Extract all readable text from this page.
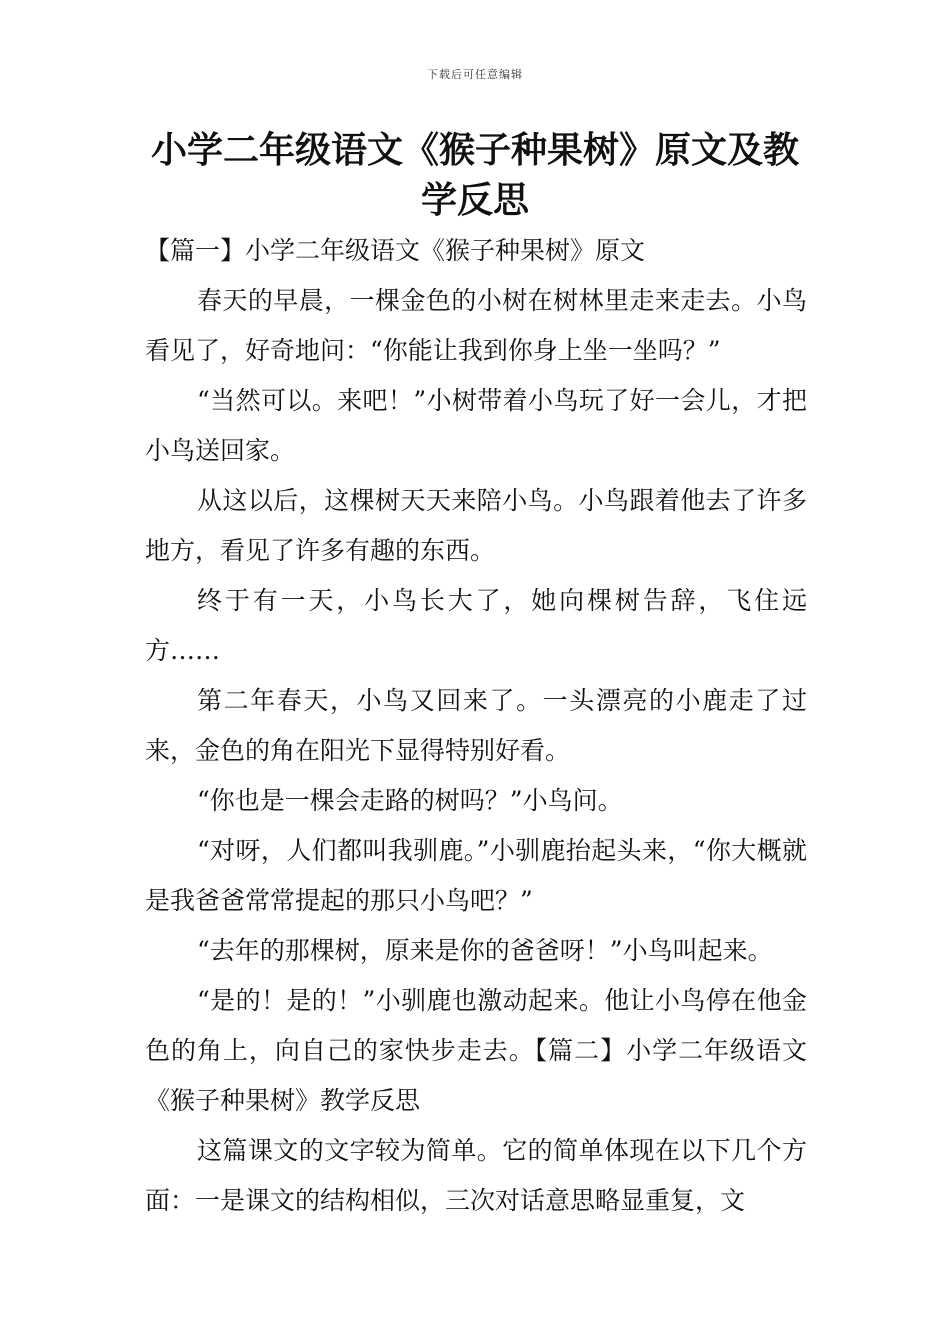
下载后可任意编辑
小学二年级语文《猴子种果树》原文及教学反思

【篇一】小学二年级语文《猴子种果树》原文

春天的早晨，一棵金色的小树在树林里走来走去。小鸟看见了，好奇地问：“你能让我到你身上坐一坐吗？”

“当然可以。来吧！”小树带着小鸟玩了好一会儿，才把小鸟送回家。

从这以后，这棵树天天来陪小鸟。小鸟跟着他去了许多地方，看见了许多有趣的东西。

终于有一天，小鸟长大了，她向棵树告辞，飞住远方……

第二年春天，小鸟又回来了。一头漂亮的小鹿走了过来，金色的角在阳光下显得特别好看。

“你也是一棵会走路的树吗？”小鸟问。

“对呀，人们都叫我驯鹿。”小驯鹿抬起头来，“你大概就是我爸爸常常提起的那只小鸟吧？”

“去年的那棵树，原来是你的爸爸呀！”小鸟叫起来。

“是的！是的！”小驯鹿也激动起来。他让小鸟停在他金色的角上，向自己的家快步走去。【篇二】小学二年级语文《猴子种果树》教学反思

这篇课文的文字较为简单。它的简单体现在以下几个方面：一是课文的结构相似，三次对话意思略显重复，文
